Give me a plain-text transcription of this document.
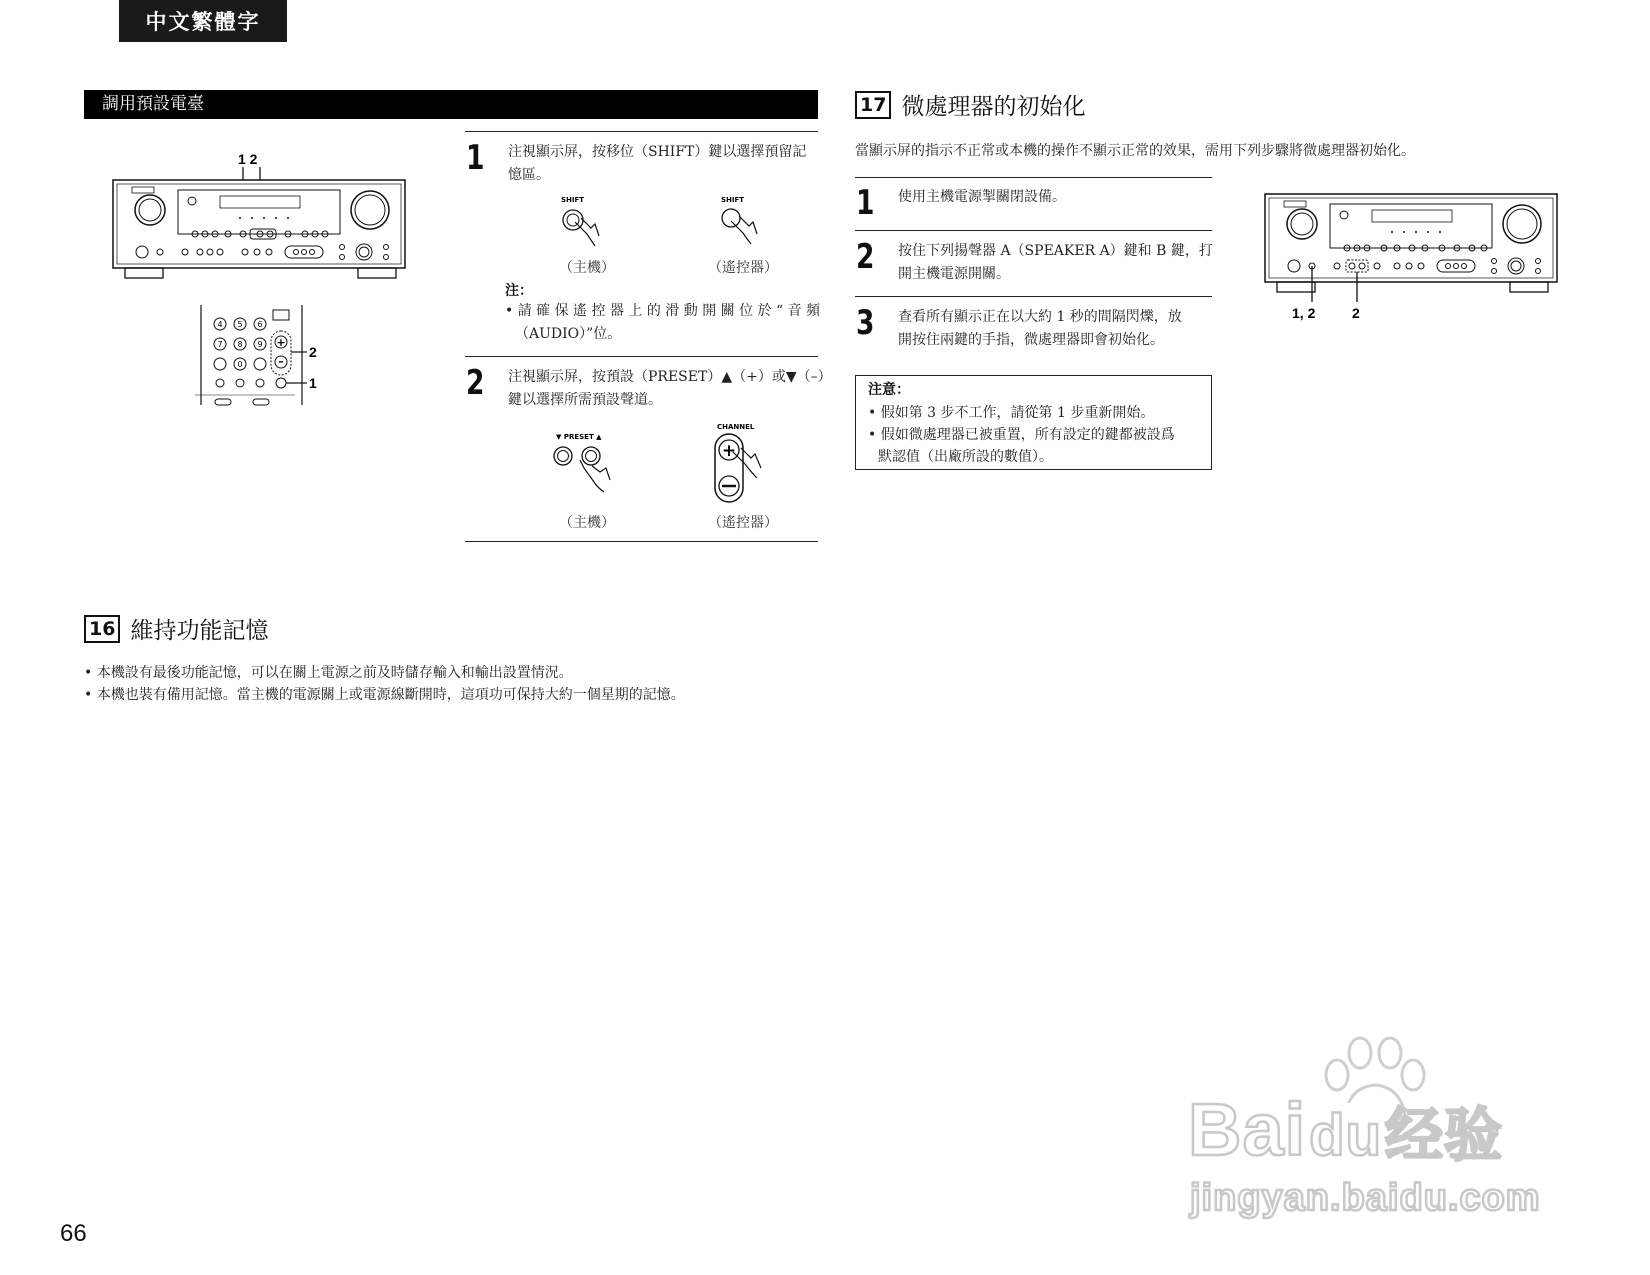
中文繁體字
調用預設電臺
1 2
4 5 6
7 8 9
0
+
–
2
1
1 注視顯示屏，按移位（SHIFT）鍵以選擇預留記
憶區。
SHIFT	SHIFT
（主機）	（遙控器）
注：
• 請 確 保 遙 控 器 上 的 滑 動 開 關 位 於 “ 音 頻
（AUDIO）”位。
2 注視顯示屏，按預設（PRESET）▲（+）或▼（–）
鍵以選擇所需預設聲道。
▼ PRESET ▲
CHANNEL
+
（主機）	（遙控器）
16 維持功能記憶
• 本機設有最後功能記憶，可以在關上電源之前及時儲存輸入和輸出設置情況。
• 本機也裝有備用記憶。當主機的電源關上或電源線斷開時，這項功可保持大約一個星期的記憶。
17 微處理器的初始化
當顯示屏的指示不正常或本機的操作不顯示正常的效果，需用下列步驟將微處理器初始化。
1 使用主機電源掣關閉設備。
2 按住下列揚聲器 A（SPEAKER A）鍵和 B 鍵，打
開主機電源開關。
3 查看所有顯示正在以大約 1 秒的間隔閃爍，放
開按住兩鍵的手指，微處理器即會初始化。
注意：
• 假如第 3 步不工作，請從第 1 步重新開始。
• 假如微處理器已被重置，所有設定的鍵都被設爲
默認值（出廠所設的數值）。
1, 2	2
66
Baidu经验
jingyan.baidu.com
